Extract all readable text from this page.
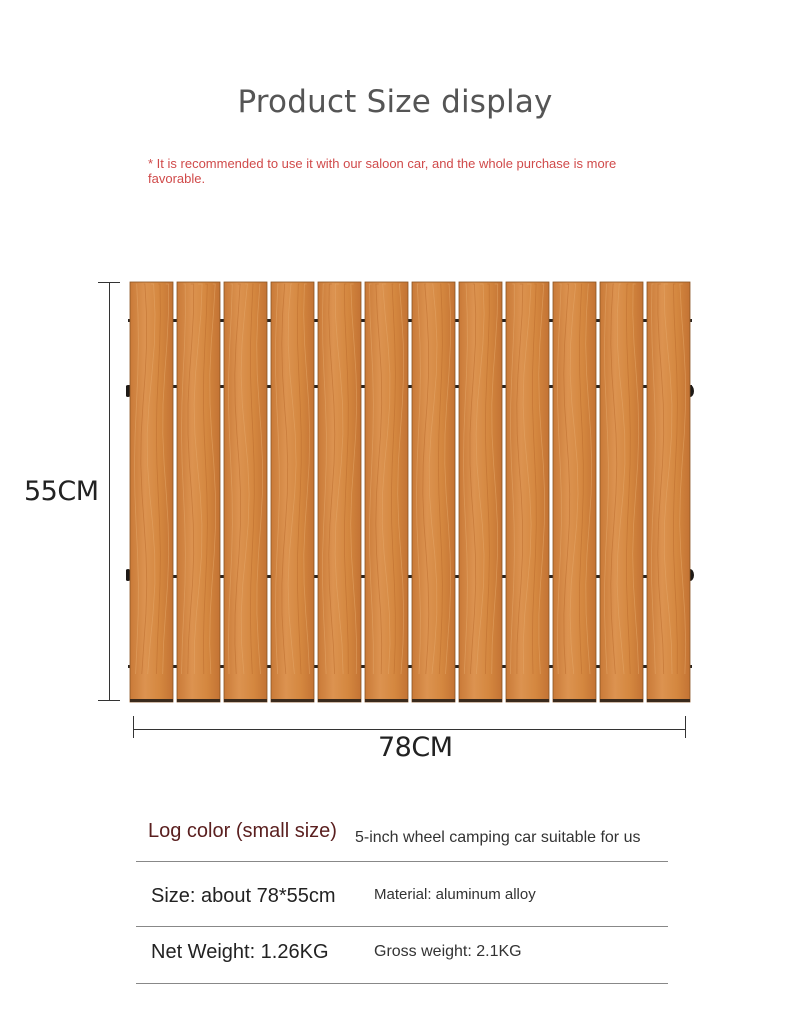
Product Size display
* It is recommended to use it with our saloon car, and the whole purchase is more favorable.
55CM
78CM
Log color (small size) 5-inch wheel camping car suitable for us
Size: about 78*55cm	Material: aluminum alloy
Net Weight: 1.26KG	Gross weight: 2.1KG
